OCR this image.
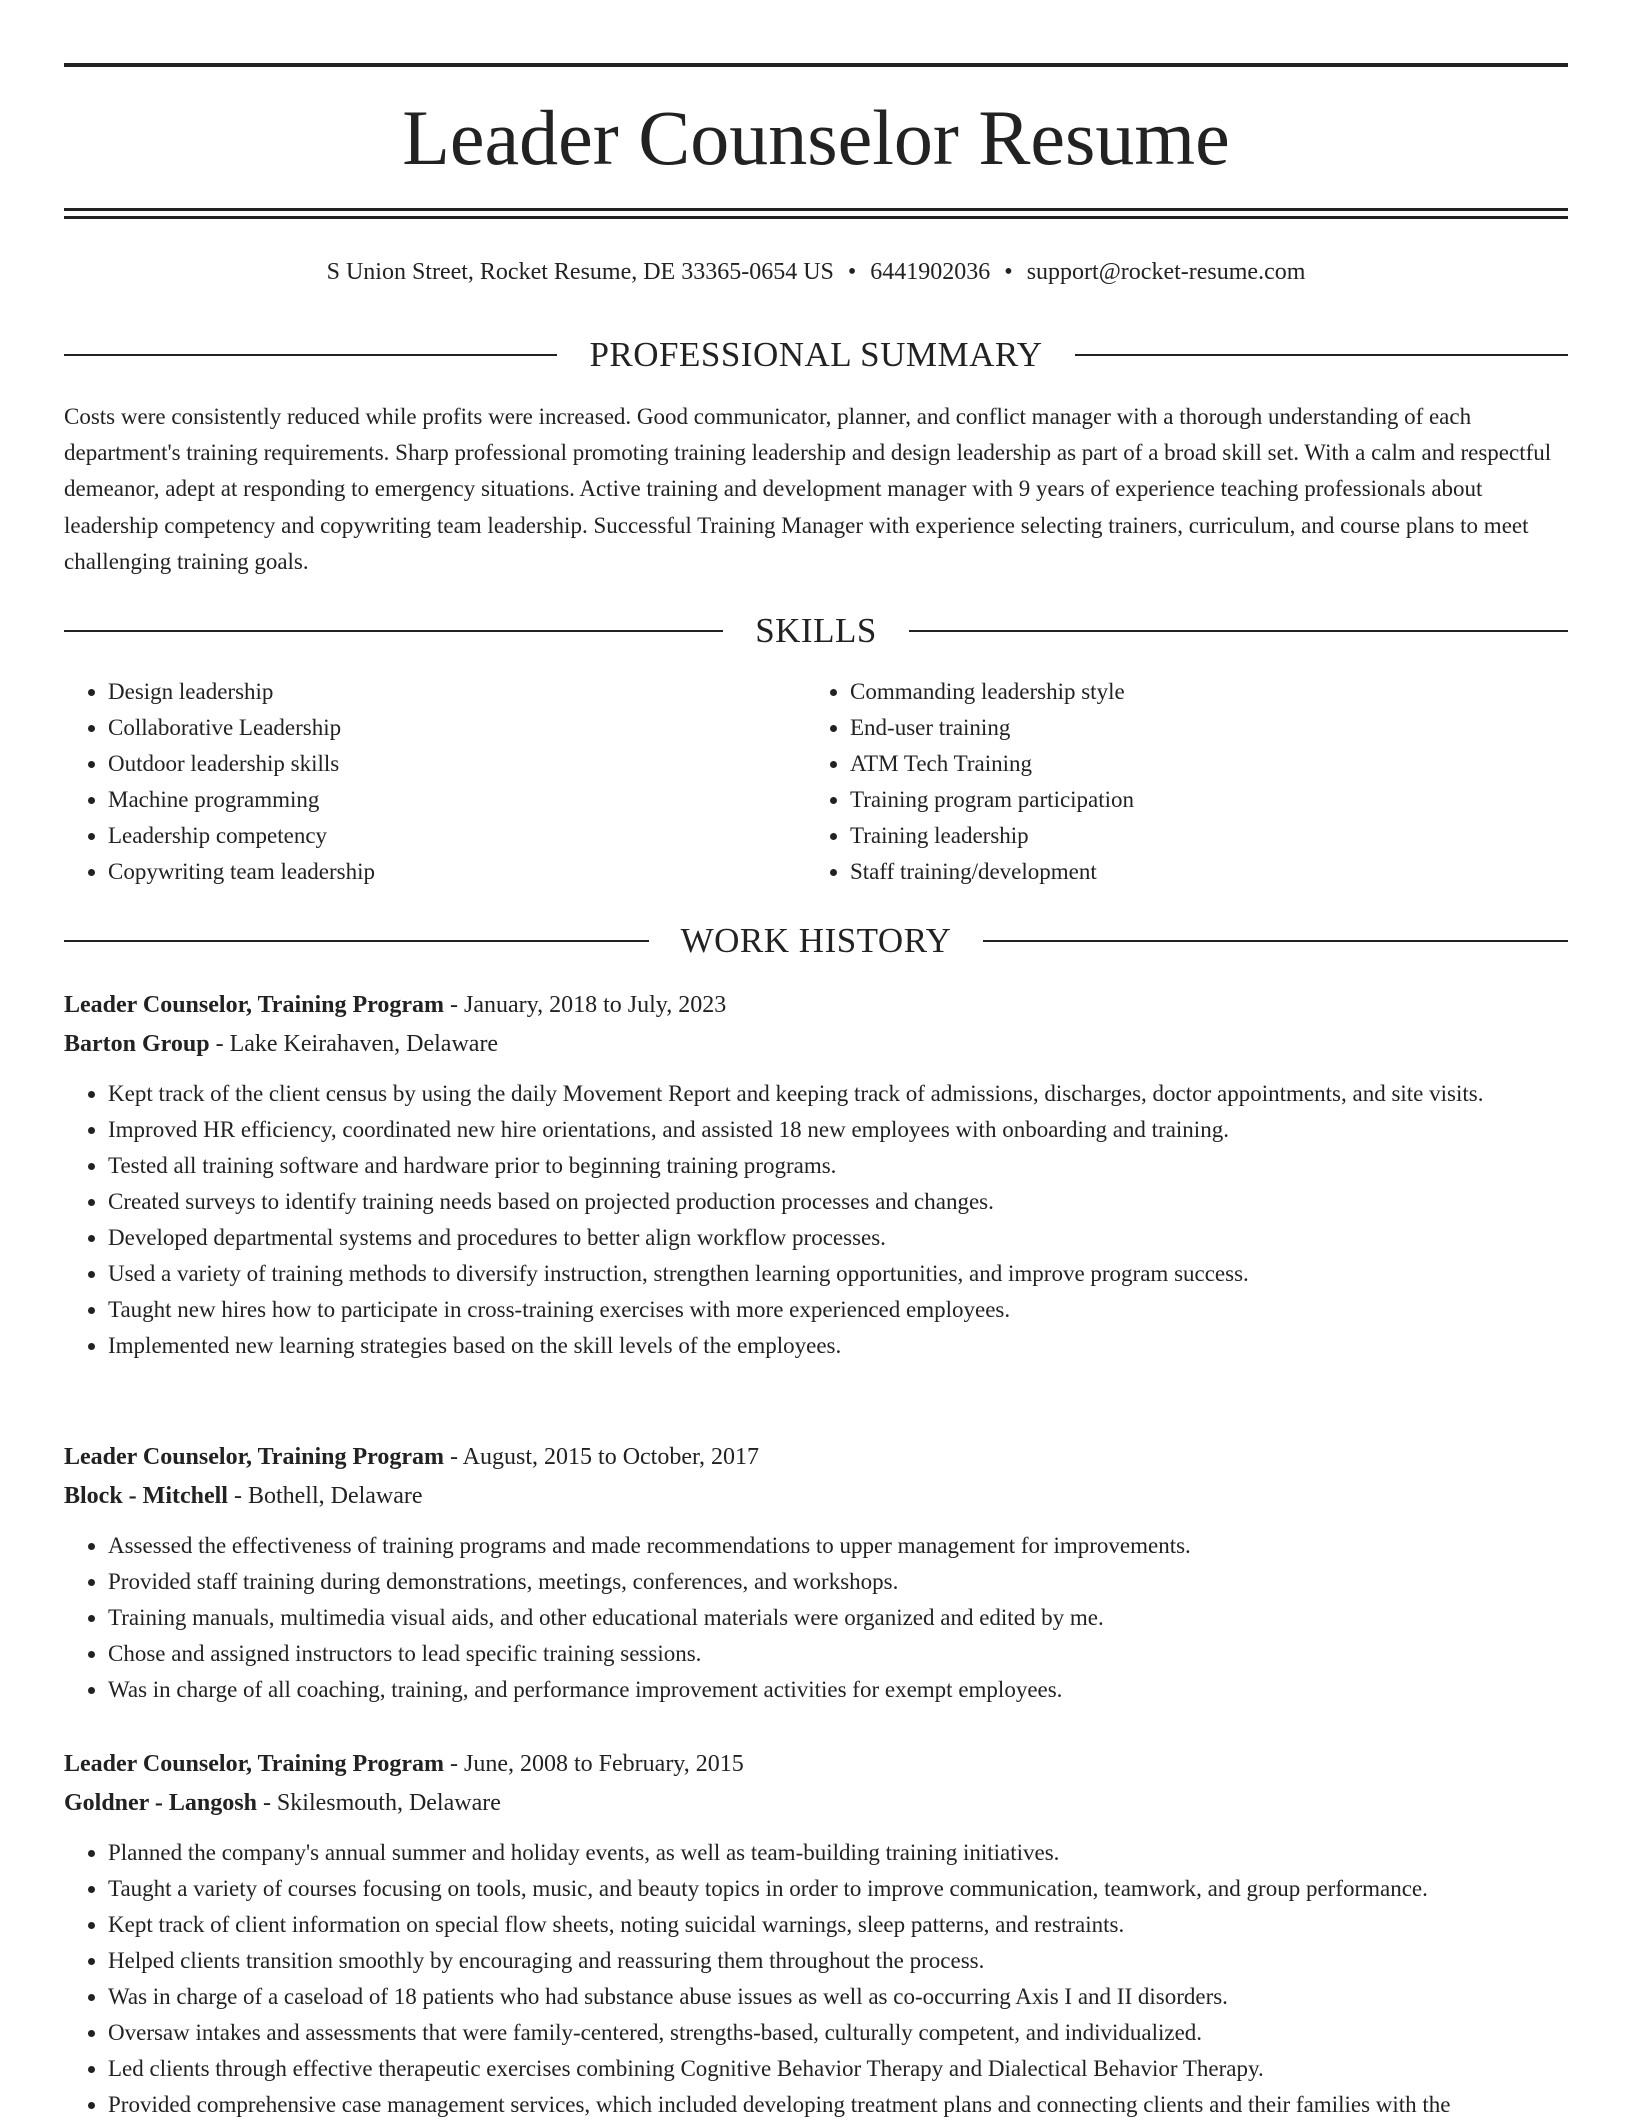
Leader Counselor Resume
S Union Street, Rocket Resume, DE 33365-0654 US • 6441902036 • support@rocket-resume.com
PROFESSIONAL SUMMARY

Costs were consistently reduced while profits were increased. Good communicator, planner, and conflict manager with a thorough understanding of each department's training requirements. Sharp professional promoting training leadership and design leadership as part of a broad skill set. With a calm and respectful demeanor, adept at responding to emergency situations. Active training and development manager with 9 years of experience teaching professionals about leadership competency and copywriting team leadership. Successful Training Manager with experience selecting trainers, curriculum, and course plans to meet challenging training goals.

SKILLS
• Design leadership
• Collaborative Leadership
• Outdoor leadership skills
• Machine programming
• Leadership competency
• Copywriting team leadership
• Commanding leadership style
• End-user training
• ATM Tech Training
• Training program participation
• Training leadership
• Staff training/development
WORK HISTORY
Leader Counselor, Training Program - January, 2018 to July, 2023
Barton Group - Lake Keirahaven, Delaware
• Kept track of the client census by using the daily Movement Report and keeping track of admissions, discharges, doctor appointments, and site visits.
• Improved HR efficiency, coordinated new hire orientations, and assisted 18 new employees with onboarding and training.
• Tested all training software and hardware prior to beginning training programs.
• Created surveys to identify training needs based on projected production processes and changes.
• Developed departmental systems and procedures to better align workflow processes.
• Used a variety of training methods to diversify instruction, strengthen learning opportunities, and improve program success.
• Taught new hires how to participate in cross-training exercises with more experienced employees.
• Implemented new learning strategies based on the skill levels of the employees.
Leader Counselor, Training Program - August, 2015 to October, 2017
Block - Mitchell - Bothell, Delaware
• Assessed the effectiveness of training programs and made recommendations to upper management for improvements.
• Provided staff training during demonstrations, meetings, conferences, and workshops.
• Training manuals, multimedia visual aids, and other educational materials were organized and edited by me.
• Chose and assigned instructors to lead specific training sessions.
• Was in charge of all coaching, training, and performance improvement activities for exempt employees.
Leader Counselor, Training Program - June, 2008 to February, 2015
Goldner - Langosh - Skilesmouth, Delaware
• Planned the company's annual summer and holiday events, as well as team-building training initiatives.
• Taught a variety of courses focusing on tools, music, and beauty topics in order to improve communication, teamwork, and group performance.
• Kept track of client information on special flow sheets, noting suicidal warnings, sleep patterns, and restraints.
• Helped clients transition smoothly by encouraging and reassuring them throughout the process.
• Was in charge of a caseload of 18 patients who had substance abuse issues as well as co-occurring Axis I and II disorders.
• Oversaw intakes and assessments that were family-centered, strengths-based, culturally competent, and individualized.
• Led clients through effective therapeutic exercises combining Cognitive Behavior Therapy and Dialectical Behavior Therapy.
• Provided comprehensive case management services, which included developing treatment plans and connecting clients and their families with the
